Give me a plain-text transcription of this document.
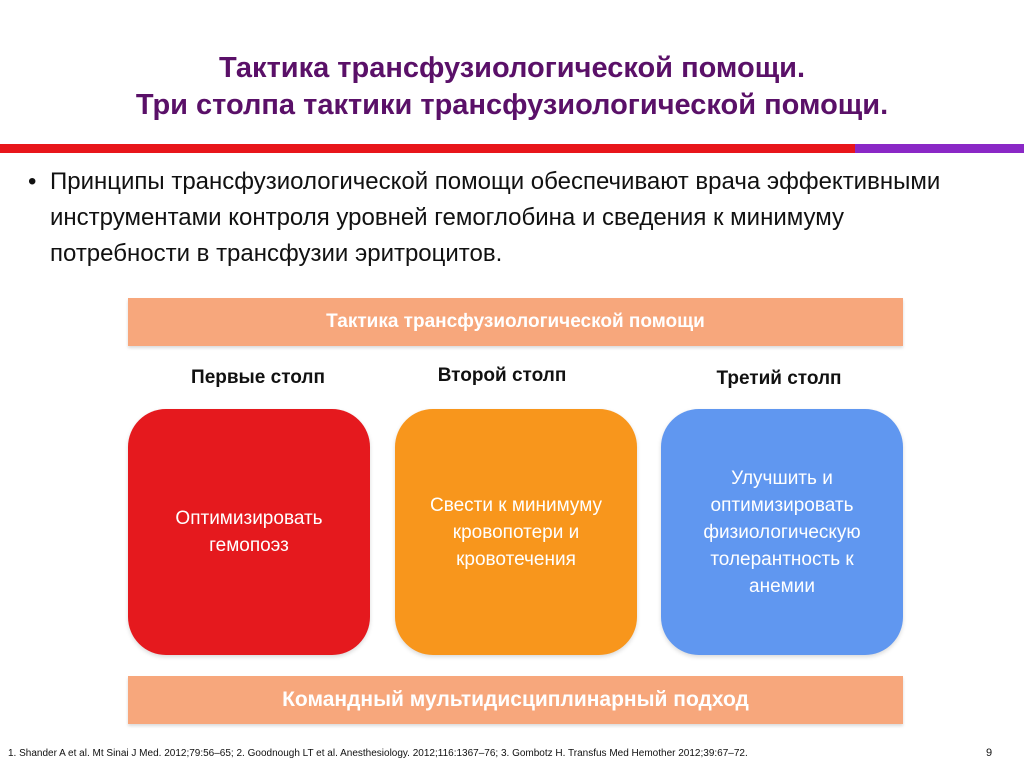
Тактика трансфузиологической помощи.
Три столпа тактики трансфузиологической помощи.
• Принципы трансфузиологической помощи обеспечивают врача эффективными инструментами контроля уровней гемоглобина и сведения к минимуму потребности в трансфузии эритроцитов.
Тактика трансфузиологической помощи
Первые столп	Второй столп	Третий столп
Оптимизировать гемопоэз
Свести к минимуму кровопотери и кровотечения
Улучшить и оптимизировать физиологическую толерантность к анемии
Командный мультидисциплинарный подход
1. Shander A et al. Mt Sinai J Med. 2012;79:56–65; 2. Goodnough LT et al. Anesthesiology. 2012;116:1367–76; 3. Gombotz H. Transfus Med Hemother 2012;39:67–72.	9
